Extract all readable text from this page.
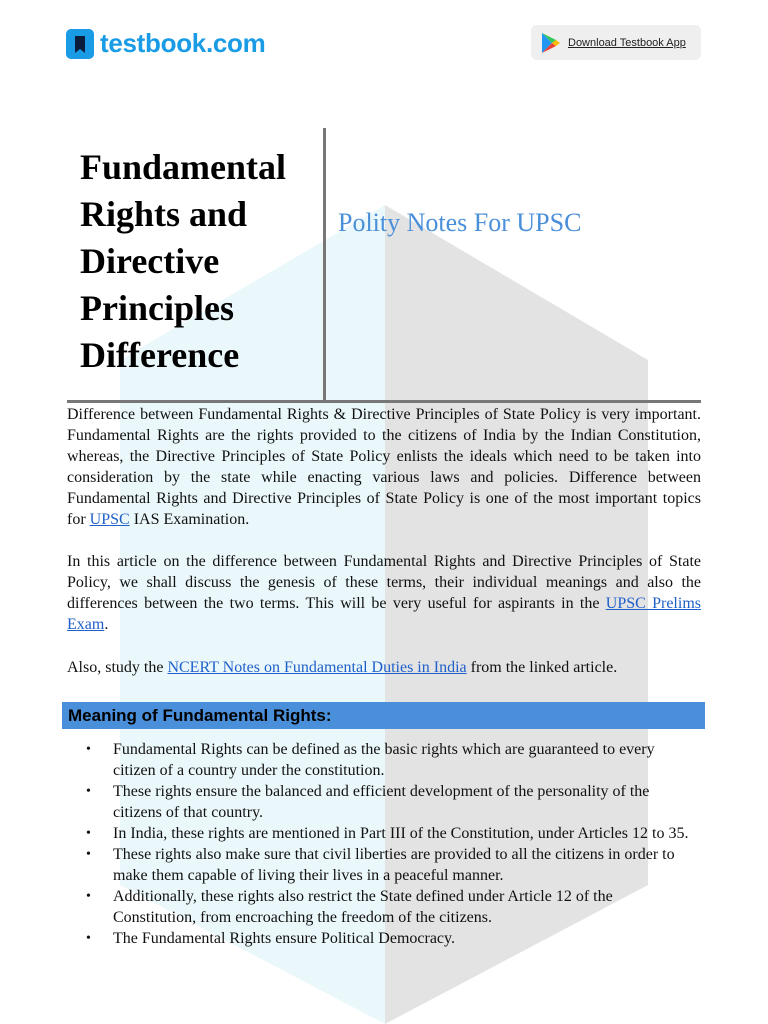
testbook.com	Download Testbook App

Fundamental

Rights and

Directive

Principles

Difference

Polity Notes For UPSC

Difference between Fundamental Rights & Directive Principles of State Policy is very important. Fundamental Rights are the rights provided to the citizens of India by the Indian Constitution, whereas, the Directive Principles of State Policy enlists the ideals which need to be taken into consideration by the state while enacting various laws and policies. Difference between Fundamental Rights and Directive Principles of State Policy is one of the most important topics for UPSC IAS Examination.

In this article on the difference between Fundamental Rights and Directive Principles of State Policy, we shall discuss the genesis of these terms, their individual meanings and also the differences between the two terms. This will be very useful for aspirants in the UPSC Prelims Exam.

Also, study the NCERT Notes on Fundamental Duties in India from the linked article.

Meaning of Fundamental Rights:
• Fundamental Rights can be defined as the basic rights which are guaranteed to every citizen of a country under the constitution.
• These rights ensure the balanced and efficient development of the personality of the citizens of that country.
• In India, these rights are mentioned in Part III of the Constitution, under Articles 12 to 35.
• These rights also make sure that civil liberties are provided to all the citizens in order to make them capable of living their lives in a peaceful manner.
• Additionally, these rights also restrict the State defined under Article 12 of the Constitution, from encroaching the freedom of the citizens.
• The Fundamental Rights ensure Political Democracy.
